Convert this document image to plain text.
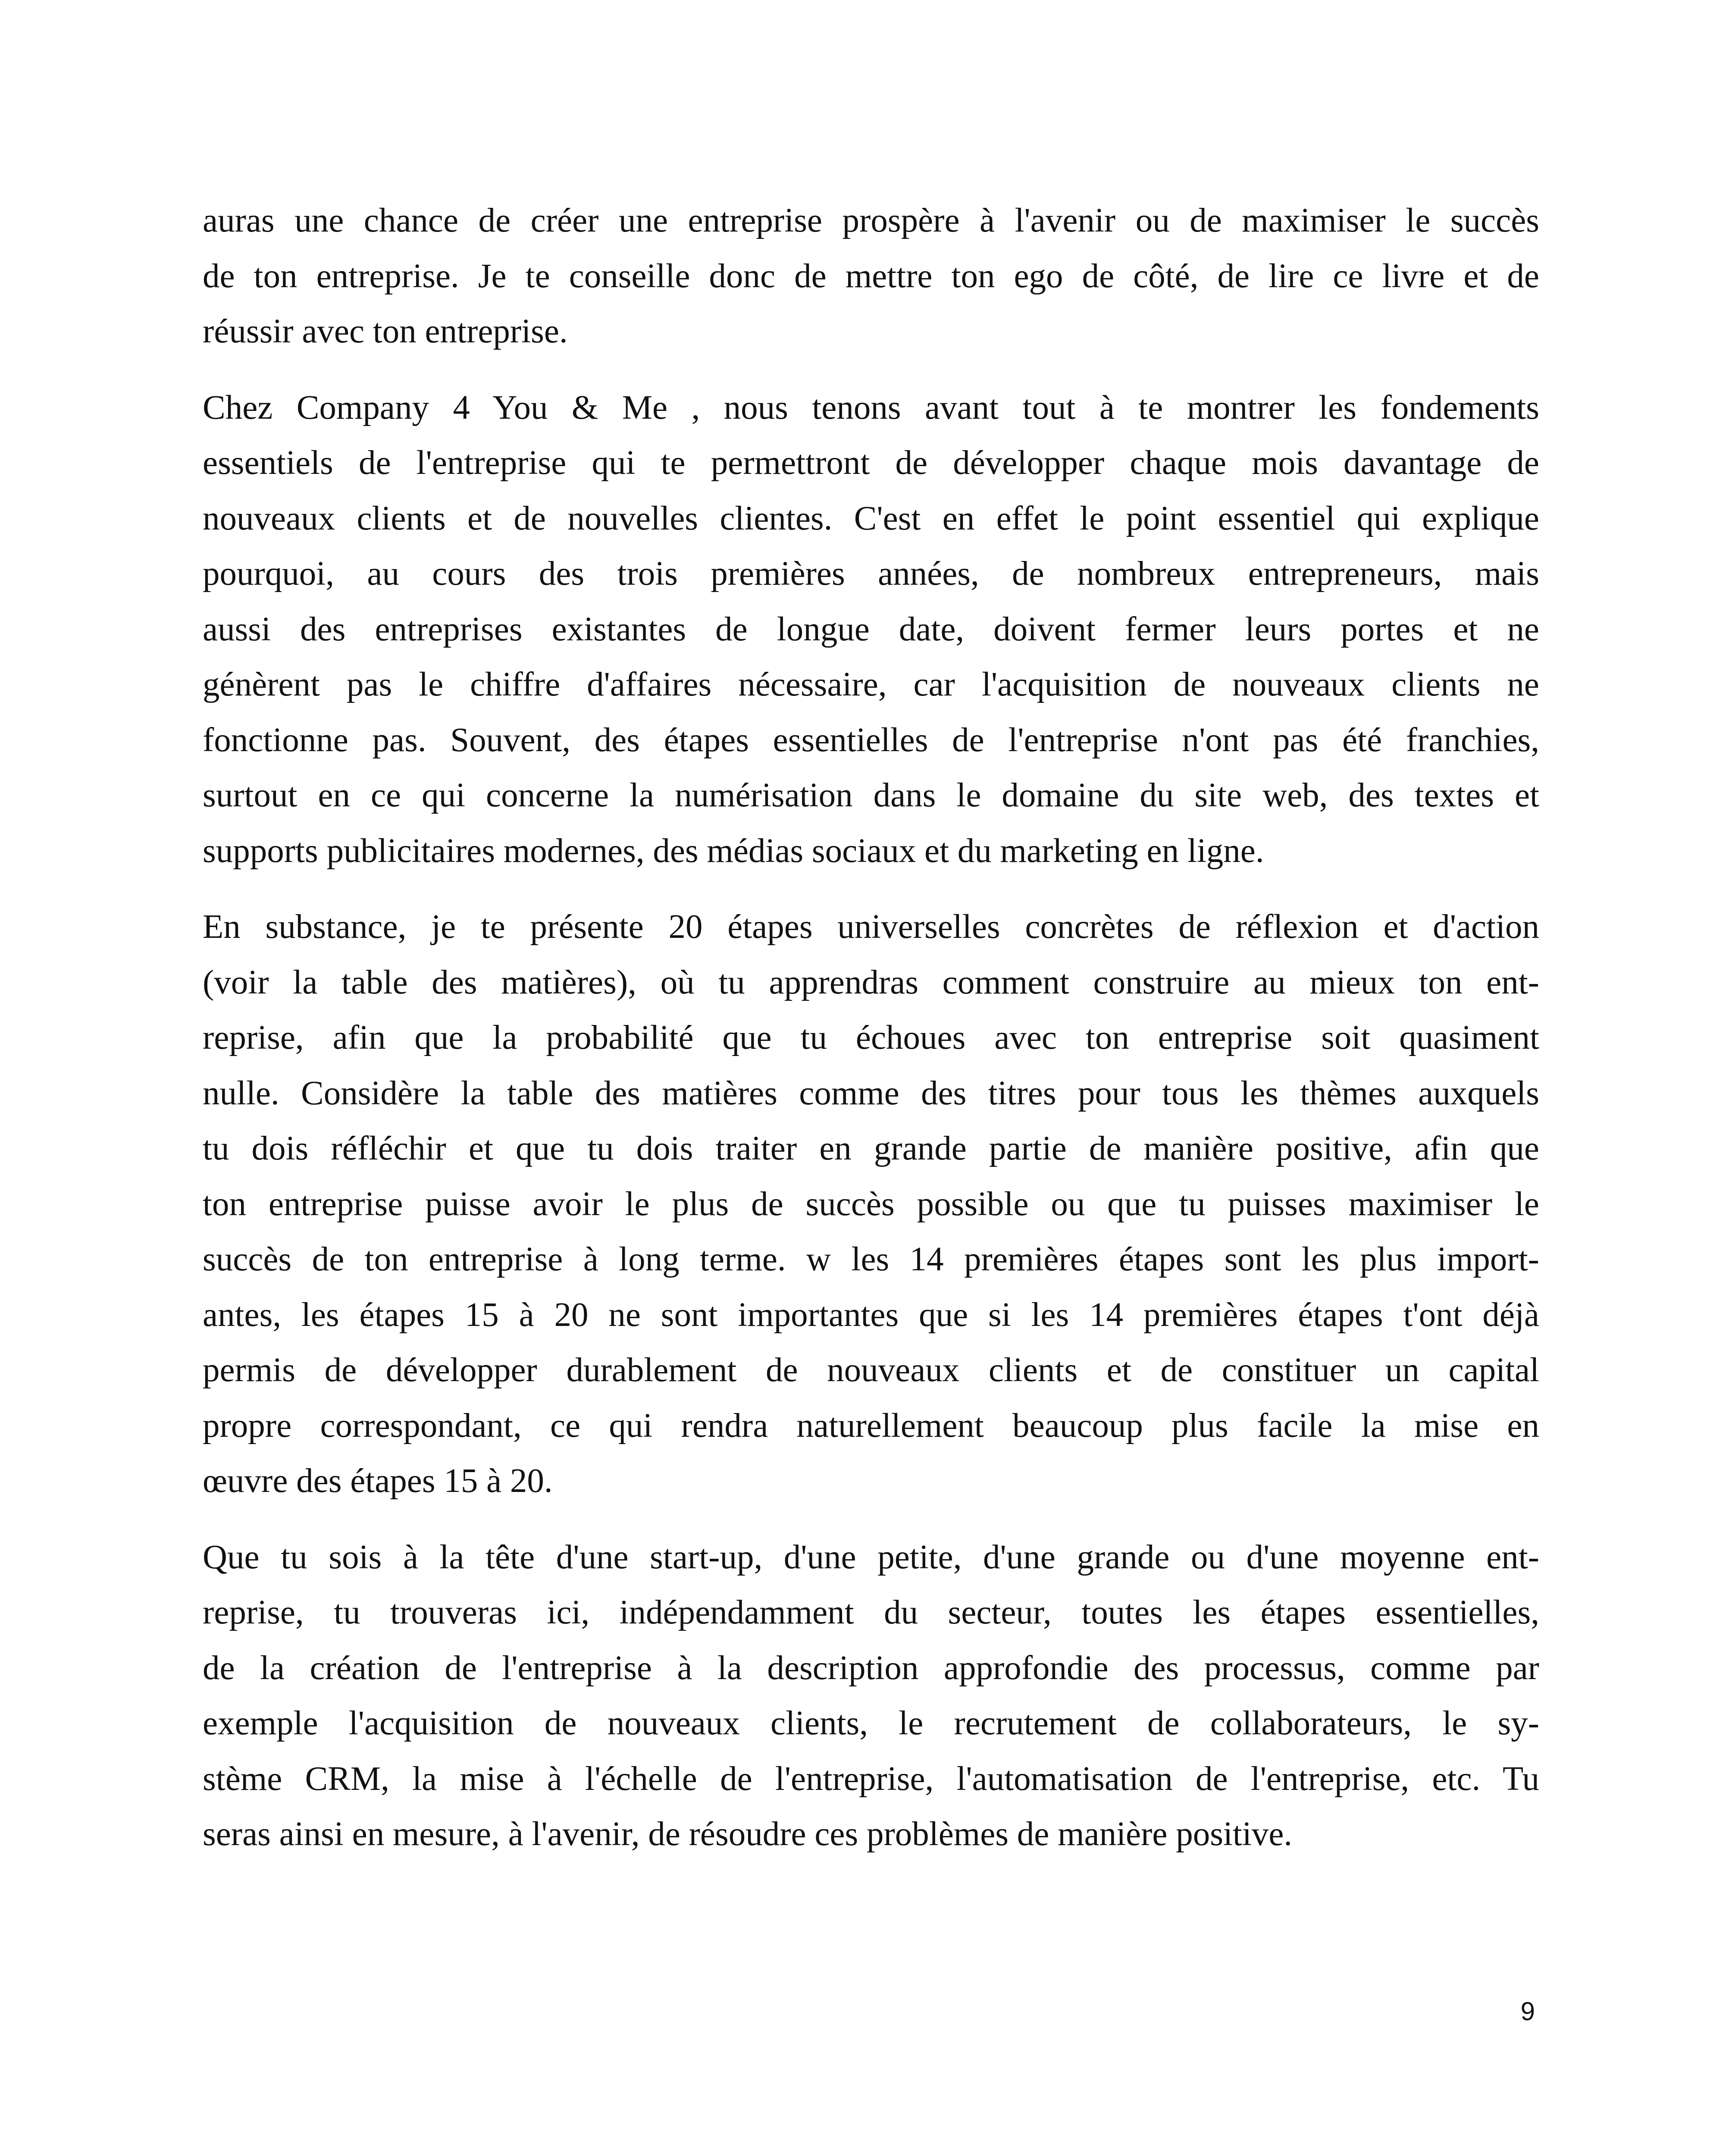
auras une chance de créer une entreprise prospère à l'avenir ou de maximiser le succès
de ton entreprise. Je te conseille donc de mettre ton ego de côté, de lire ce livre et de
réussir avec ton entreprise.

Chez Company 4 You & Me , nous tenons avant tout à te montrer les fondements
essentiels de l'entreprise qui te permettront de développer chaque mois davantage de
nouveaux clients et de nouvelles clientes. C'est en effet le point essentiel qui explique
pourquoi, au cours des trois premières années, de nombreux entrepreneurs, mais
aussi des entreprises existantes de longue date, doivent fermer leurs portes et ne
génèrent pas le chiffre d'affaires nécessaire, car l'acquisition de nouveaux clients ne
fonctionne pas. Souvent, des étapes essentielles de l'entreprise n'ont pas été franchies,
surtout en ce qui concerne la numérisation dans le domaine du site web, des textes et
supports publicitaires modernes, des médias sociaux et du marketing en ligne.

En substance, je te présente 20 étapes universelles concrètes de réflexion et d'action
(voir la table des matières), où tu apprendras comment construire au mieux ton ent-
reprise, afin que la probabilité que tu échoues avec ton entreprise soit quasiment
nulle. Considère la table des matières comme des titres pour tous les thèmes auxquels
tu dois réfléchir et que tu dois traiter en grande partie de manière positive, afin que
ton entreprise puisse avoir le plus de succès possible ou que tu puisses maximiser le
succès de ton entreprise à long terme. w les 14 premières étapes sont les plus import-
antes, les étapes 15 à 20 ne sont importantes que si les 14 premières étapes t'ont déjà
permis de développer durablement de nouveaux clients et de constituer un capital
propre correspondant, ce qui rendra naturellement beaucoup plus facile la mise en
œuvre des étapes 15 à 20.

Que tu sois à la tête d'une start-up, d'une petite, d'une grande ou d'une moyenne ent-
reprise, tu trouveras ici, indépendamment du secteur, toutes les étapes essentielles,
de la création de l'entreprise à la description approfondie des processus, comme par
exemple l'acquisition de nouveaux clients, le recrutement de collaborateurs, le sy-
stème CRM, la mise à l'échelle de l'entreprise, l'automatisation de l'entreprise, etc. Tu
seras ainsi en mesure, à l'avenir, de résoudre ces problèmes de manière positive.

9
